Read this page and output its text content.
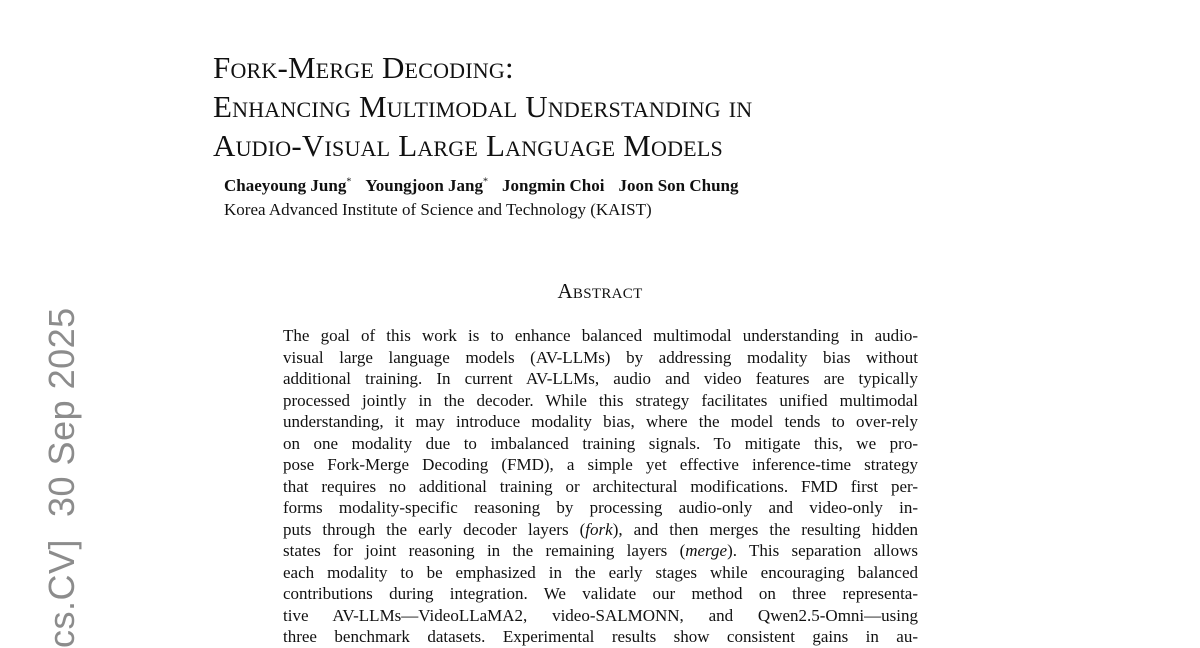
cs.CV]30 Sep 2025
Fork-Merge Decoding:
Enhancing Multimodal Understanding in
Audio-Visual Large Language Models
Chaeyoung Jung* Youngjoon Jang* Jongmin Choi Joon Son Chung
Korea Advanced Institute of Science and Technology (KAIST)
Abstract
The goal of this work is to enhance balanced multimodal understanding in audio-
visual large language models (AV-LLMs) by addressing modality bias without
additional training. In current AV-LLMs, audio and video features are typically
processed jointly in the decoder. While this strategy facilitates unified multimodal
understanding, it may introduce modality bias, where the model tends to over-rely
on one modality due to imbalanced training signals. To mitigate this, we pro-
pose Fork-Merge Decoding (FMD), a simple yet effective inference-time strategy
that requires no additional training or architectural modifications. FMD first per-
forms modality-specific reasoning by processing audio-only and video-only in-
puts through the early decoder layers (fork), and then merges the resulting hidden
states for joint reasoning in the remaining layers (merge). This separation allows
each modality to be emphasized in the early stages while encouraging balanced
contributions during integration. We validate our method on three representa-
tive AV-LLMs—VideoLLaMA2, video-SALMONN, and Qwen2.5-Omni—using
three benchmark datasets. Experimental results show consistent gains in au-
